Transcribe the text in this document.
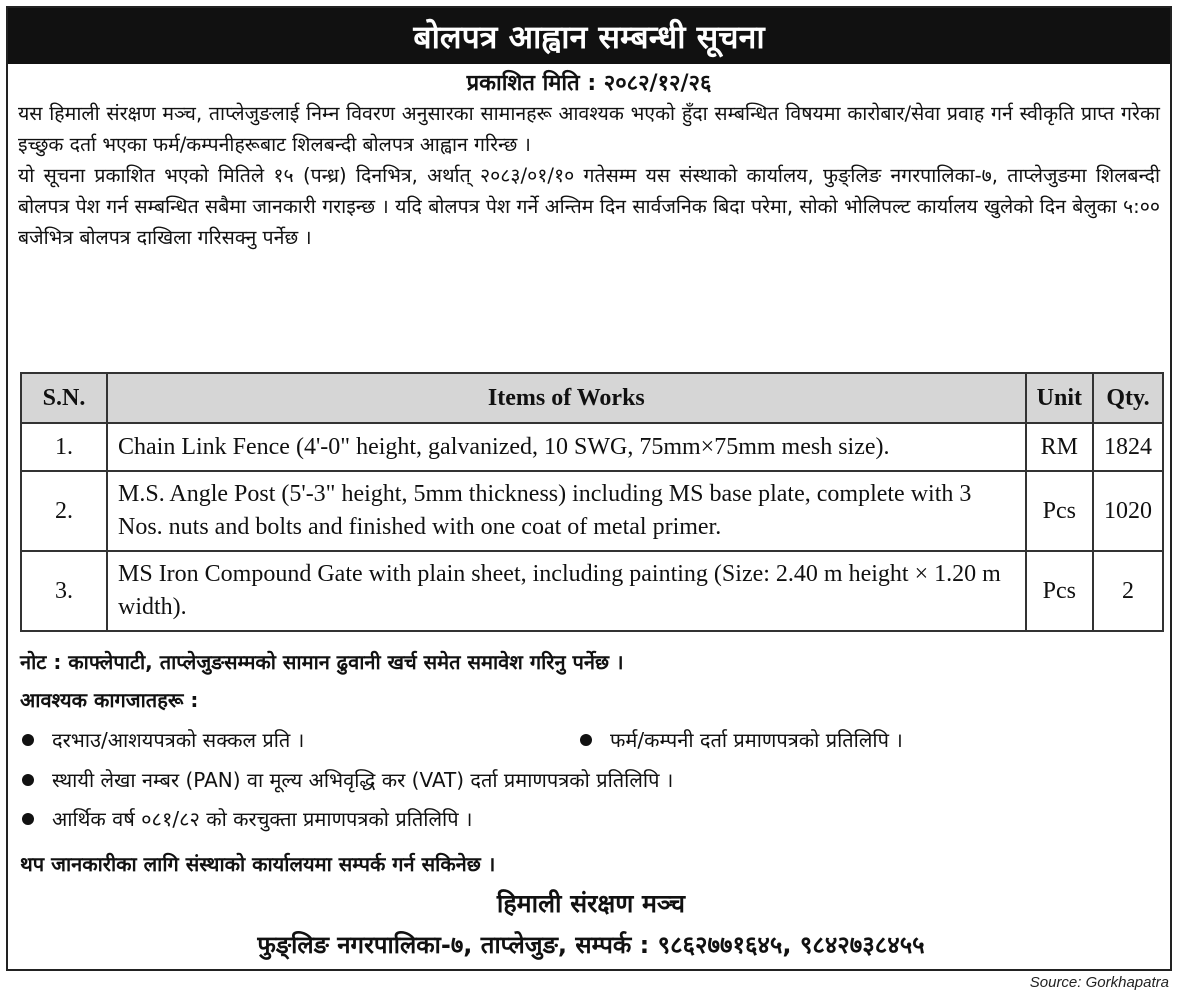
बोलपत्र आह्वान सम्बन्धी सूचना
प्रकाशित मिति : २०८२/१२/२६

यस हिमाली संरक्षण मञ्च, ताप्लेजुङलाई निम्न विवरण अनुसारका सामानहरू आवश्यक भएको हुँदा सम्बन्धित विषयमा कारोबार/सेवा प्रवाह गर्न स्वीकृति प्राप्त गरेका इच्छुक दर्ता भएका फर्म/कम्पनीहरूबाट शिलबन्दी बोलपत्र आह्वान गरिन्छ ।

यो सूचना प्रकाशित भएको मितिले १५ (पन्ध्र) दिनभित्र, अर्थात् २०८३/०१/१० गतेसम्म यस संस्थाको कार्यालय, फुङ्लिङ नगरपालिका-७, ताप्लेजुङमा शिलबन्दी बोलपत्र पेश गर्न सम्बन्धित सबैमा जानकारी गराइन्छ । यदि बोलपत्र पेश गर्ने अन्तिम दिन सार्वजनिक बिदा परेमा, सोको भोलिपल्ट कार्यालय खुलेको दिन बेलुका ५:०० बजेभित्र बोलपत्र दाखिला गरिसक्नु पर्नेछ ।

S.N.	Items of Works	Unit	Qty.
1.	Chain Link Fence (4'-0" height, galvanized, 10 SWG, 75mm×75mm mesh size).	RM	1824
2.	M.S. Angle Post (5'-3" height, 5mm thickness) including MS base plate, complete with 3 Nos. nuts and bolts and finished with one coat of metal primer.	Pcs	1020
3.	MS Iron Compound Gate with plain sheet, including painting (Size: 2.40 m height × 1.20 m width).	Pcs	2
नोट : काफ्लेपाटी, ताप्लेजुङसम्मको सामान ढुवानी खर्च समेत समावेश गरिनु पर्नेछ ।
आवश्यक कागजातहरू :
दरभाउ/आशयपत्रको सक्कल प्रति ।	फर्म/कम्पनी दर्ता प्रमाणपत्रको प्रतिलिपि ।
स्थायी लेखा नम्बर (PAN) वा मूल्य अभिवृद्धि कर (VAT) दर्ता प्रमाणपत्रको प्रतिलिपि ।
आर्थिक वर्ष ०८१/८२ को करचुक्ता प्रमाणपत्रको प्रतिलिपि ।
थप जानकारीका लागि संस्थाको कार्यालयमा सम्पर्क गर्न सकिनेछ ।
हिमाली संरक्षण मञ्च
फुङ्लिङ नगरपालिका-७, ताप्लेजुङ, सम्पर्क : ९८६२७७१६४५, ९८४२७३८४५५
Source: Gorkhapatra
